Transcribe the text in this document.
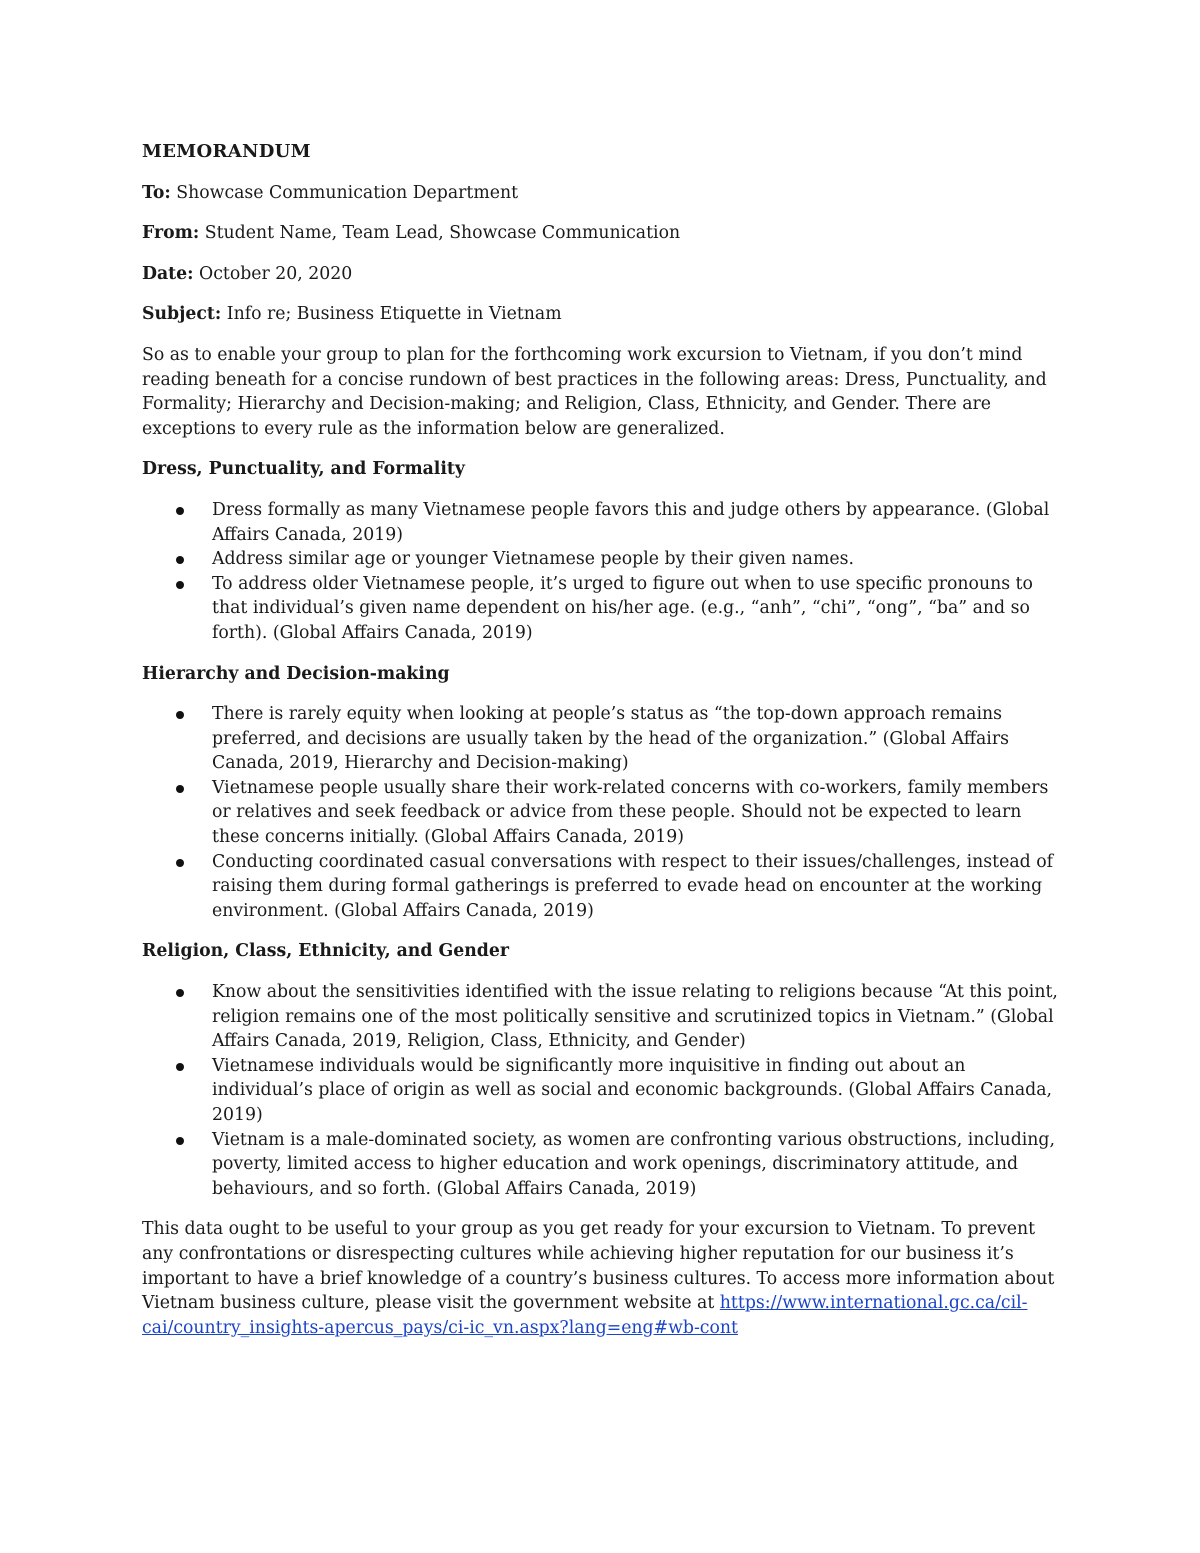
MEMORANDUM
To: Showcase Communication Department
From: Student Name, Team Lead, Showcase Communication
Date: October 20, 2020
Subject: Info re; Business Etiquette in Vietnam

So as to enable your group to plan for the forthcoming work excursion to Vietnam, if you don’t mind reading beneath for a concise rundown of best practices in the following areas: Dress, Punctuality, and Formality; Hierarchy and Decision-making; and Religion, Class, Ethnicity, and Gender. There are exceptions to every rule as the information below are generalized.

Dress, Punctuality, and Formality
Dress formally as many Vietnamese people favors this and judge others by appearance. (Global Affairs Canada, 2019)
Address similar age or younger Vietnamese people by their given names.
To address older Vietnamese people, it’s urged to figure out when to use specific pronouns to that individual’s given name dependent on his/her age. (e.g., “anh”, “chi”, “ong”, “ba” and so forth). (Global Affairs Canada, 2019)
Hierarchy and Decision-making
There is rarely equity when looking at people’s status as “the top-down approach remains preferred, and decisions are usually taken by the head of the organization.” (Global Affairs Canada, 2019, Hierarchy and Decision-making)
Vietnamese people usually share their work-related concerns with co-workers, family members or relatives and seek feedback or advice from these people. Should not be expected to learn these concerns initially. (Global Affairs Canada, 2019)
Conducting coordinated casual conversations with respect to their issues/challenges, instead of raising them during formal gatherings is preferred to evade head on encounter at the working environment. (Global Affairs Canada, 2019)
Religion, Class, Ethnicity, and Gender
Know about the sensitivities identified with the issue relating to religions because “At this point, religion remains one of the most politically sensitive and scrutinized topics in Vietnam.” (Global Affairs Canada, 2019, Religion, Class, Ethnicity, and Gender)
Vietnamese individuals would be significantly more inquisitive in finding out about an individual’s place of origin as well as social and economic backgrounds. (Global Affairs Canada, 2019)
Vietnam is a male-dominated society, as women are confronting various obstructions, including, poverty, limited access to higher education and work openings, discriminatory attitude, and behaviours, and so forth. (Global Affairs Canada, 2019)

This data ought to be useful to your group as you get ready for your excursion to Vietnam. To prevent any confrontations or disrespecting cultures while achieving higher reputation for our business it’s important to have a brief knowledge of a country’s business cultures. To access more information about Vietnam business culture, please visit the government website at https://www.international.gc.ca/cil-cai/country_insights-apercus_pays/ci-ic_vn.aspx?lang=eng#wb-cont
